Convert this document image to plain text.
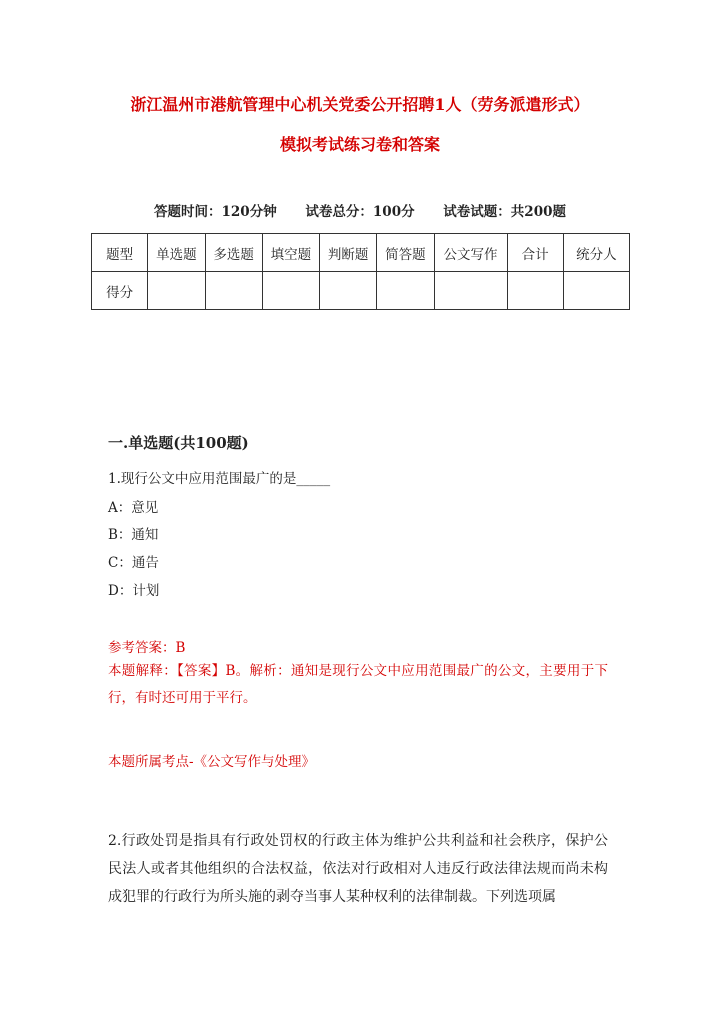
浙江温州市港航管理中心机关党委公开招聘1人（劳务派遣形式）
模拟考试练习卷和答案
答题时间：120分钟 试卷总分：100分 试卷试题：共200题
题型	单选题	多选题	填空题	判断题	简答题	公文写作	合计	统分人
得分								
一.单选题(共100题)
1.现行公文中应用范围最广的是_____
A：意见
B：通知
C：通告
D：计划
参考答案：B
本题解释：【答案】B。解析：通知是现行公文中应用范围最广的公文，主要用于下行，有时还可用于平行。
本题所属考点-《公文写作与处理》
2.行政处罚是指具有行政处罚权的行政主体为维护公共利益和社会秩序，保护公民法人或者其他组织的合法权益，依法对行政相对人违反行政法律法规而尚未构成犯罪的行政行为所头施的剥夺当事人某种权利的法律制裁。下列选项属
